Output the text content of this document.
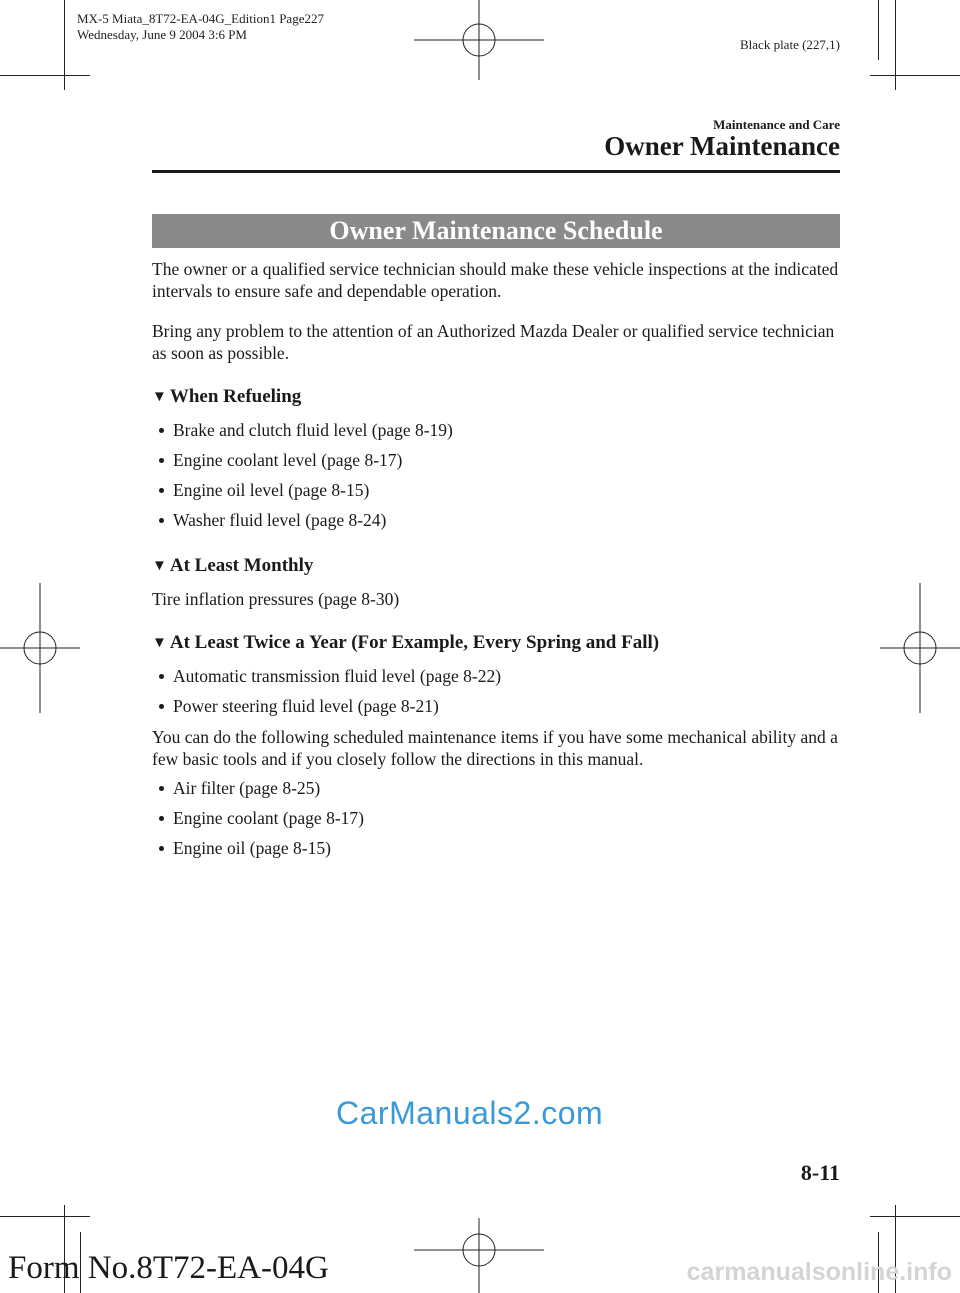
MX-5 Miata_8T72-EA-04G_Edition1 Page227
Wednesday, June 9 2004 3:6 PM
Black plate (227,1)
Maintenance and Care
Owner Maintenance
Owner Maintenance Schedule
The owner or a qualified service technician should make these vehicle inspections at the indicated intervals to ensure safe and dependable operation.
Bring any problem to the attention of an Authorized Mazda Dealer or qualified service technician as soon as possible.
▼ When Refueling
Brake and clutch fluid level (page 8-19)
Engine coolant level (page 8-17)
Engine oil level (page 8-15)
Washer fluid level (page 8-24)
▼ At Least Monthly
Tire inflation pressures (page 8-30)
▼ At Least Twice a Year (For Example, Every Spring and Fall)
Automatic transmission fluid level (page 8-22)
Power steering fluid level (page 8-21)
You can do the following scheduled maintenance items if you have some mechanical ability and a few basic tools and if you closely follow the directions in this manual.
Air filter (page 8-25)
Engine coolant (page 8-17)
Engine oil (page 8-15)
CarManuals2.com
8-11
Form No.8T72-EA-04G	carmanualsonline.info
